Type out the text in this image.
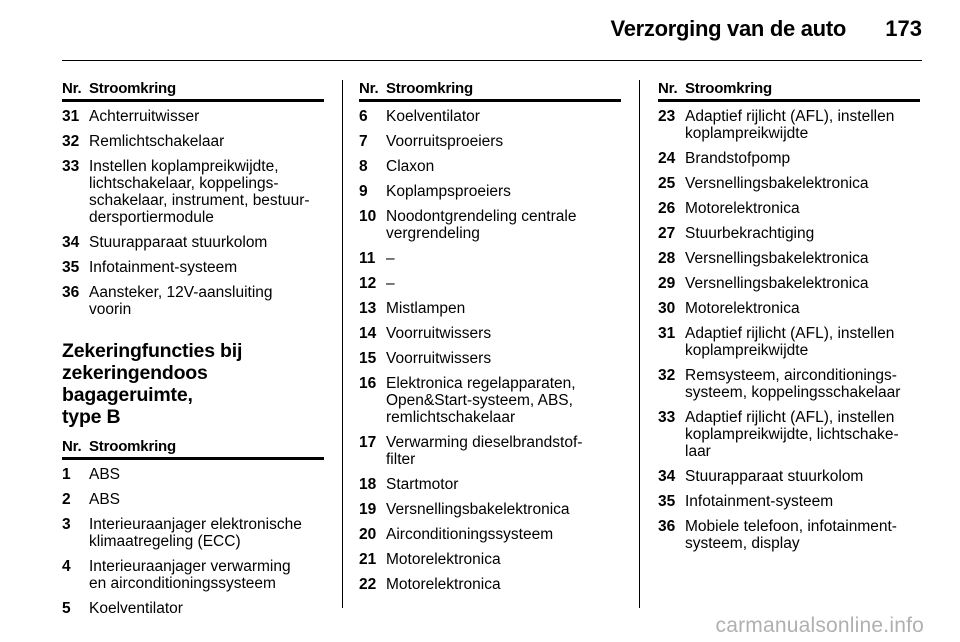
Verzorging van de auto 173
Nr. Stroomkring
31 Achterruitwisser
32 Remlichtschakelaar
33 Instellen koplampreikwijdte,
lichtschakelaar, koppelings-
schakelaar, instrument, bestuur-
dersportiermodule
34 Stuurapparaat stuurkolom
35 Infotainment-systeem
36 Aansteker, 12V-aansluiting
voorin
Zekeringfuncties bij
zekeringendoos bagageruimte,
type B
Nr. Stroomkring
1	ABS
2	ABS
3	Interieuraanjager elektronische
klimaatregeling (ECC)
4	Interieuraanjager verwarming
en airconditioningssysteem
5	Koelventilator
Nr. Stroomkring
6	Koelventilator
7	Voorruitsproeiers
8	Claxon
9	Koplampsproeiers
10 Noodontgrendeling centrale
vergrendeling
11 –
12 –
13 Mistlampen
14 Voorruitwissers
15 Voorruitwissers
16 Elektronica regelapparaten,
Open&Start-systeem, ABS,
remlichtschakelaar
17 Verwarming dieselbrandstof-
filter
18 Startmotor
19 Versnellingsbakelektronica
20 Airconditioningssysteem
21 Motorelektronica
22 Motorelektronica
Nr. Stroomkring
23 Adaptief rijlicht (AFL), instellen
koplampreikwijdte
24 Brandstofpomp
25 Versnellingsbakelektronica
26 Motorelektronica
27 Stuurbekrachtiging
28 Versnellingsbakelektronica
29 Versnellingsbakelektronica
30 Motorelektronica
31 Adaptief rijlicht (AFL), instellen
koplampreikwijdte
32 Remsysteem, airconditionings-
systeem, koppelingsschakelaar
33 Adaptief rijlicht (AFL), instellen
koplampreikwijdte, lichtschake-
laar
34 Stuurapparaat stuurkolom
35 Infotainment-systeem
36 Mobiele telefoon, infotainment-
systeem, display
carmanualsonline.info
